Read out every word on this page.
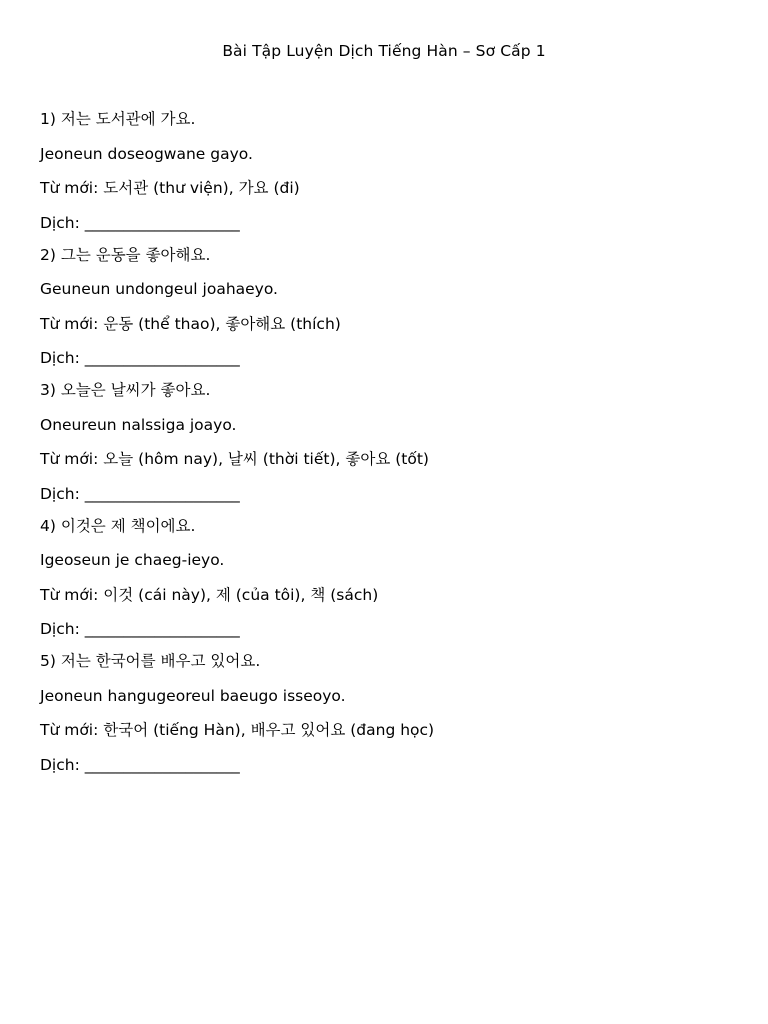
Bài Tập Luyện Dịch Tiếng Hàn – Sơ Cấp 1
1 ) 저는 도서관에 가요.
Jeoneun doseogwane gayo.
Từ mới: 도서관 (thư viện), 가요 (đi)
Dịch: ____________________
2 ) 그는 운동을 좋아해요.
Geuneun undongeul joahaeyo.
Từ mới: 운동 (thể thao), 좋아해요 (thích)
Dịch: ____________________
3 ) 오늘은 날씨가 좋아요.
Oneureun nalssiga joayo.
Từ mới: 오늘 (hôm nay), 날씨 (thời tiết), 좋아요 (tốt)
Dịch: ____________________
4 ) 이것은 제 책이에요.
Igeoseun je chaeg-ieyo.
Từ mới: 이것 (cái này), 제 (của tôi), 책 (sách)
Dịch: ____________________
5 ) 저는 한국어를 배우고 있어요.
Jeoneun hangugeoreul baeugo isseoyo.
Từ mới: 한국어 (tiếng Hàn), 배우고 있어요 (đang học)
Dịch: ____________________
